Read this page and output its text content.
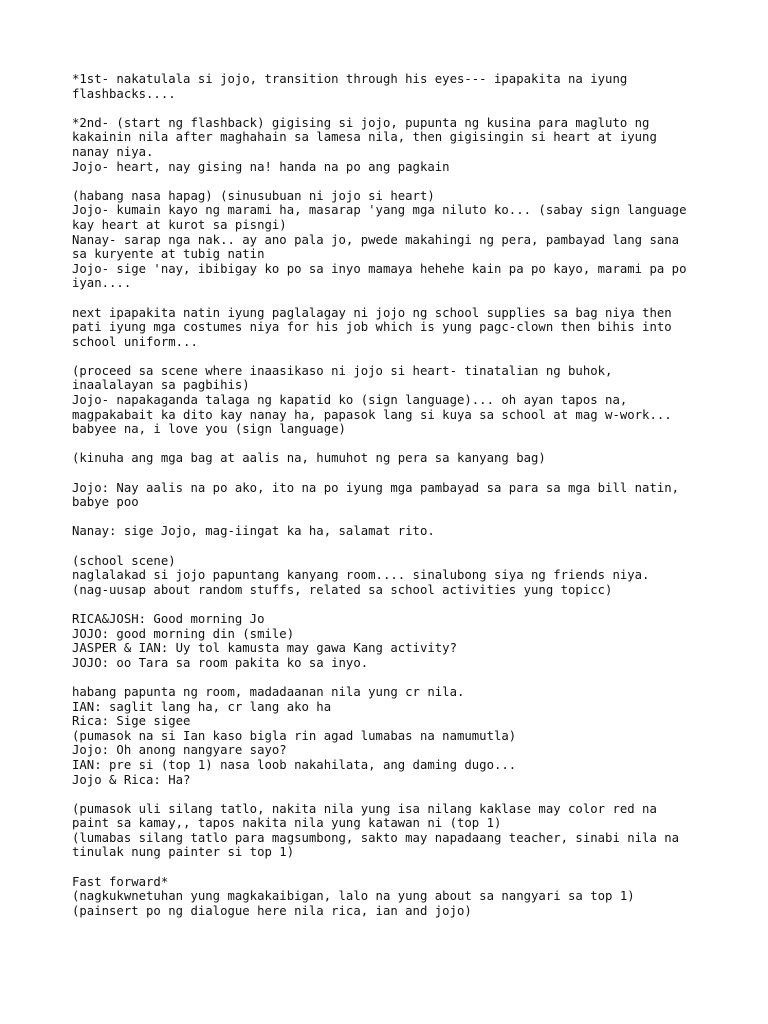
*1st- nakatulala si jojo, transition through his eyes--- ipapakita na iyung
flashbacks....
*2nd- (start ng flashback) gigising si jojo, pupunta ng kusina para magluto ng
kakainin nila after maghahain sa lamesa nila, then gigisingin si heart at iyung
nanay niya.
Jojo- heart, nay gising na! handa na po ang pagkain
(habang nasa hapag) (sinusubuan ni jojo si heart)
Jojo- kumain kayo ng marami ha, masarap 'yang mga niluto ko... (sabay sign language
kay heart at kurot sa pisngi)
Nanay- sarap nga nak.. ay ano pala jo, pwede makahingi ng pera, pambayad lang sana
sa kuryente at tubig natin
Jojo- sige 'nay, ibibigay ko po sa inyo mamaya hehehe kain pa po kayo, marami pa po
iyan....
next ipapakita natin iyung paglalagay ni jojo ng school supplies sa bag niya then
pati iyung mga costumes niya for his job which is yung pagc-clown then bihis into
school uniform...
(proceed sa scene where inaasikaso ni jojo si heart- tinatalian ng buhok,
inaalalayan sa pagbihis)
Jojo- napakaganda talaga ng kapatid ko (sign language)... oh ayan tapos na,
magpakabait ka dito kay nanay ha, papasok lang si kuya sa school at mag w-work...
babyee na, i love you (sign language)
(kinuha ang mga bag at aalis na, humuhot ng pera sa kanyang bag)
Jojo: Nay aalis na po ako, ito na po iyung mga pambayad sa para sa mga bill natin,
babye poo
Nanay: sige Jojo, mag-iingat ka ha, salamat rito.
(school scene)
naglalakad si jojo papuntang kanyang room.... sinalubong siya ng friends niya.
(nag-uusap about random stuffs, related sa school activities yung topicc)
RICA&JOSH: Good morning Jo
JOJO: good morning din (smile)
JASPER & IAN: Uy tol kamusta may gawa Kang activity?
JOJO: oo Tara sa room pakita ko sa inyo.
habang papunta ng room, madadaanan nila yung cr nila.
IAN: saglit lang ha, cr lang ako ha
Rica: Sige sigee
(pumasok na si Ian kaso bigla rin agad lumabas na namumutla)
Jojo: Oh anong nangyare sayo?
IAN: pre si (top 1) nasa loob nakahilata, ang daming dugo...
Jojo & Rica: Ha?
(pumasok uli silang tatlo, nakita nila yung isa nilang kaklase may color red na
paint sa kamay,, tapos nakita nila yung katawan ni (top 1)
(lumabas silang tatlo para magsumbong, sakto may napadaang teacher, sinabi nila na
tinulak nung painter si top 1)
Fast forward*
(nagkukwnetuhan yung magkakaibigan, lalo na yung about sa nangyari sa top 1)
(painsert po ng dialogue here nila rica, ian and jojo)
